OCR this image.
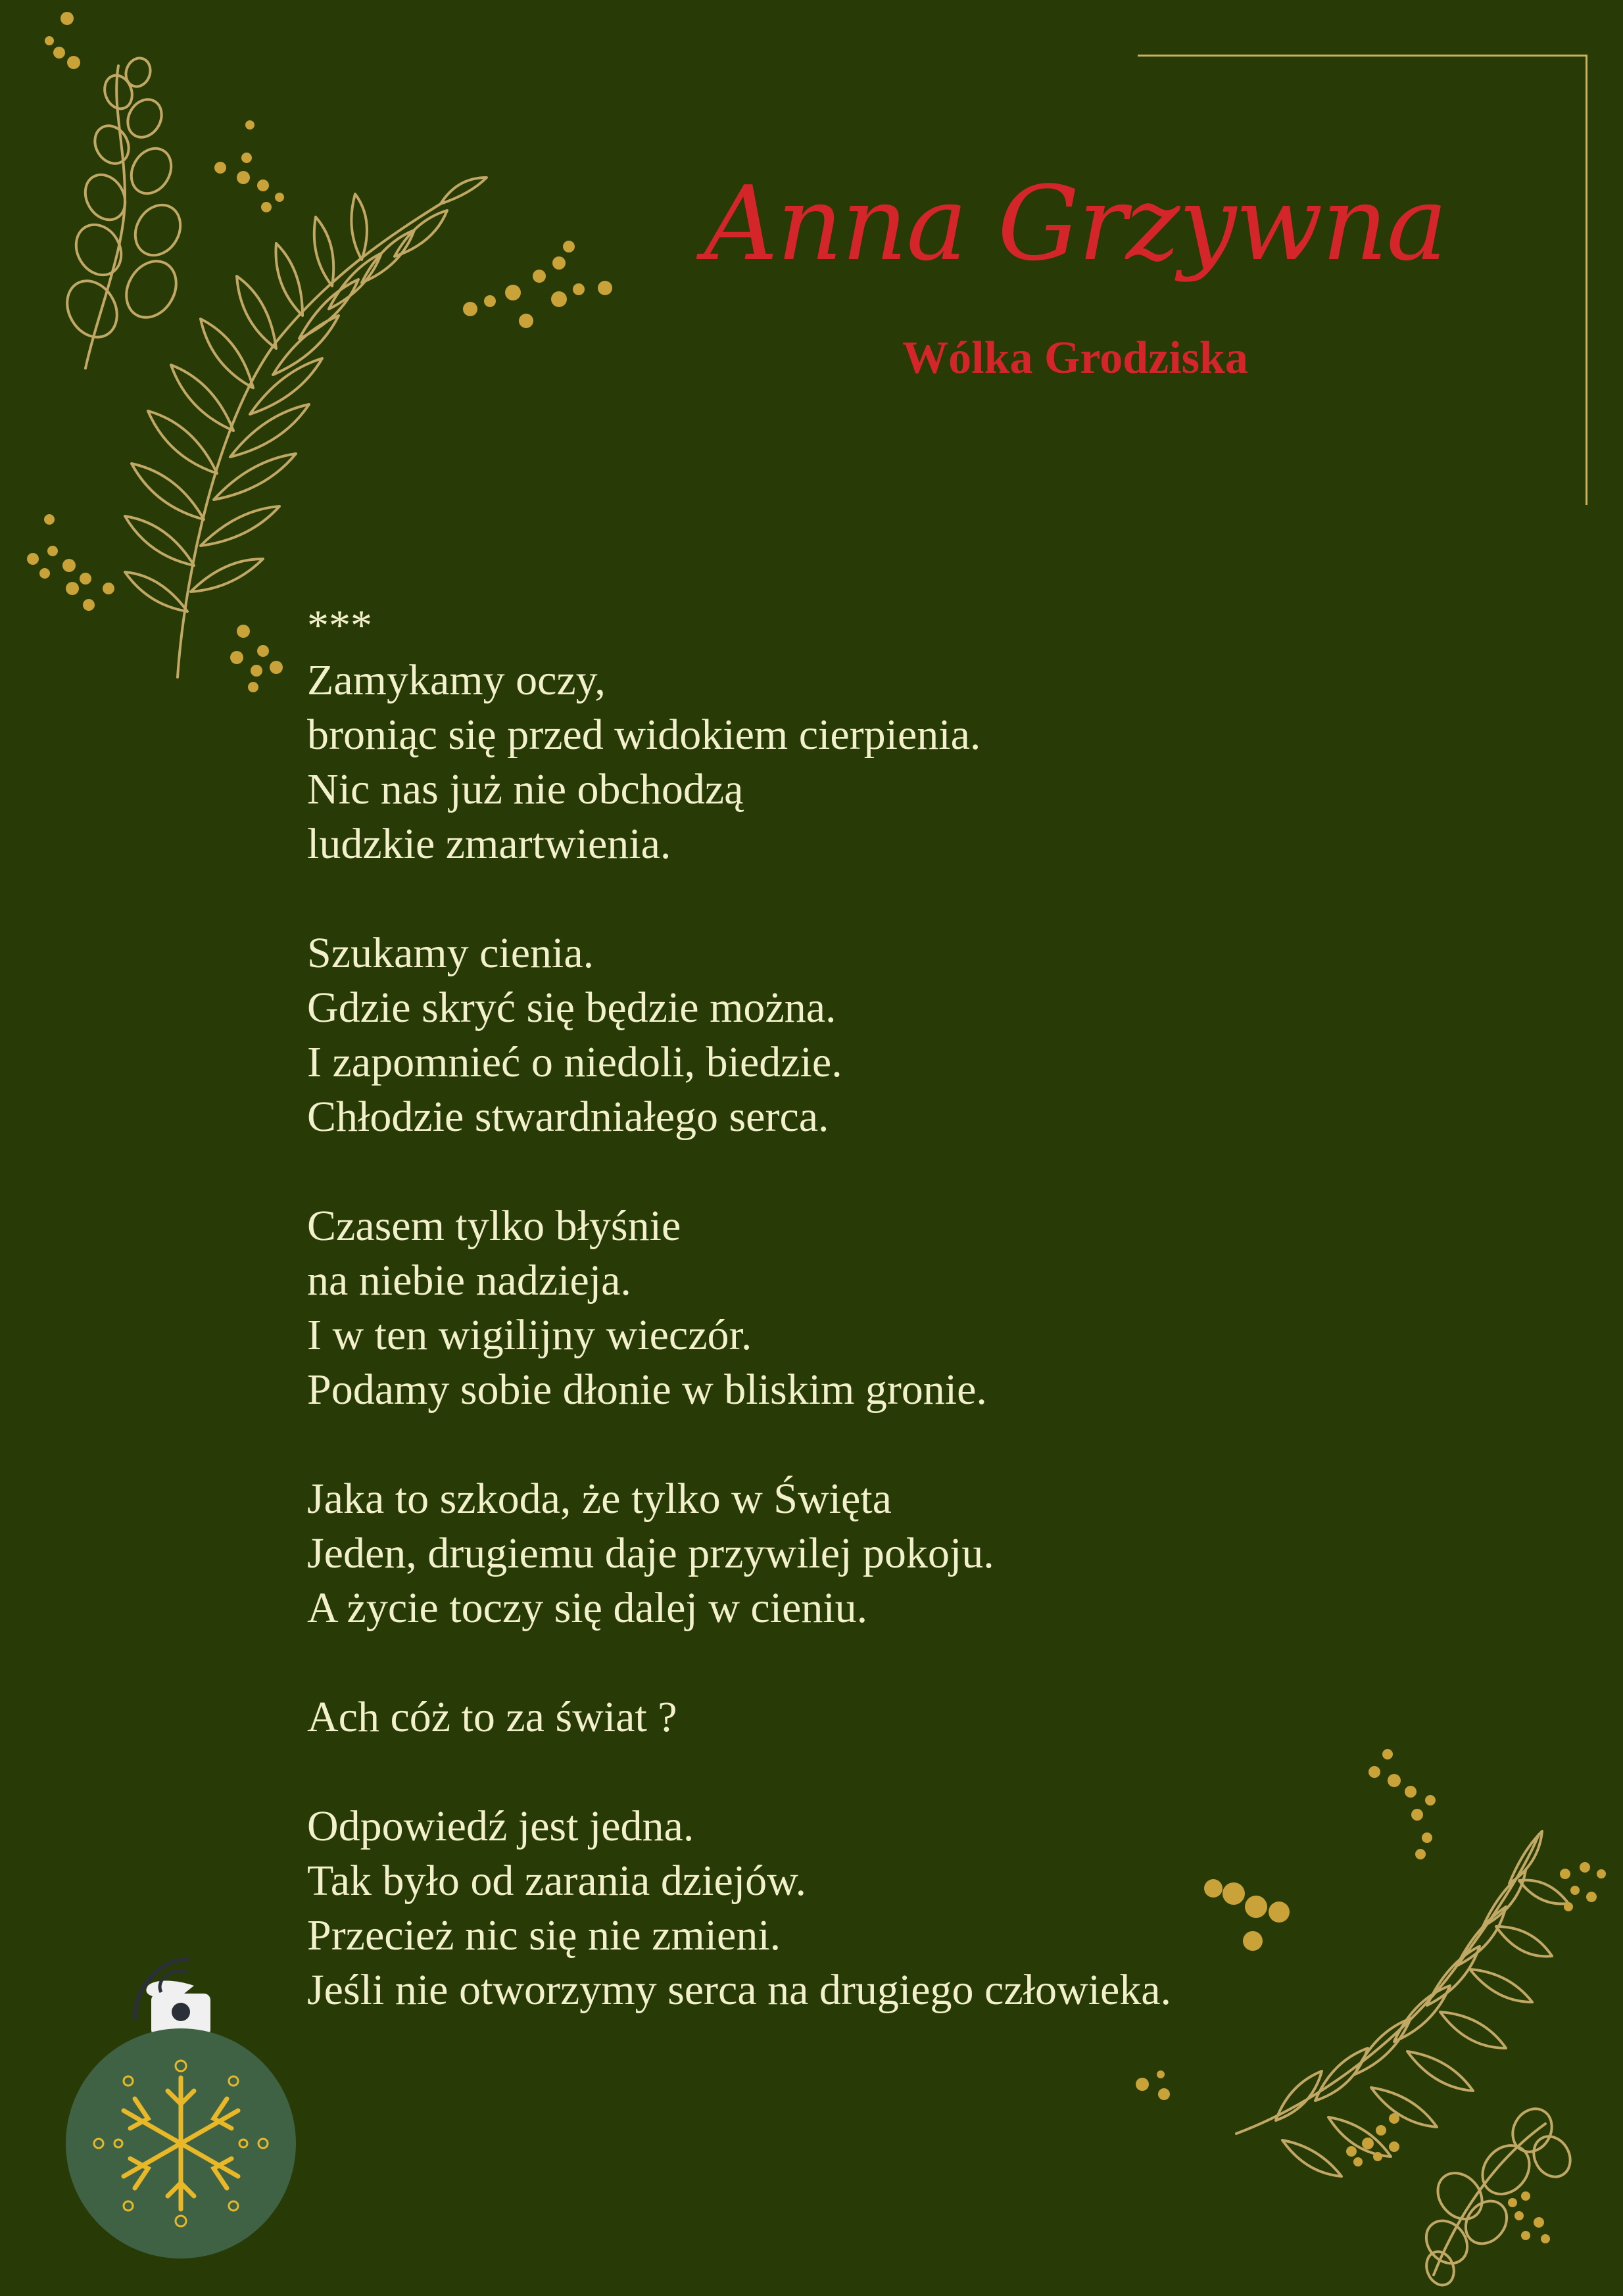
Anna Grzywna
Wólka Grodziska
***
Zamykamy oczy,
broniąc się przed widokiem cierpienia.
Nic nas już nie obchodzą
ludzkie zmartwienia.
Szukamy cienia.
Gdzie skryć się będzie można.
I zapomnieć o niedoli, biedzie.
Chłodzie stwardniałego serca.
Czasem tylko błyśnie
na niebie nadzieja.
I w ten wigilijny wieczór.
Podamy sobie dłonie w bliskim gronie.
Jaka to szkoda, że tylko w Święta
Jeden, drugiemu daje przywilej pokoju.
A życie toczy się dalej w cieniu.
Ach cóż to za świat ?
Odpowiedź jest jedna.
Tak było od zarania dziejów.
Przecież nic się nie zmieni.
Jeśli nie otworzymy serca na drugiego człowieka.
